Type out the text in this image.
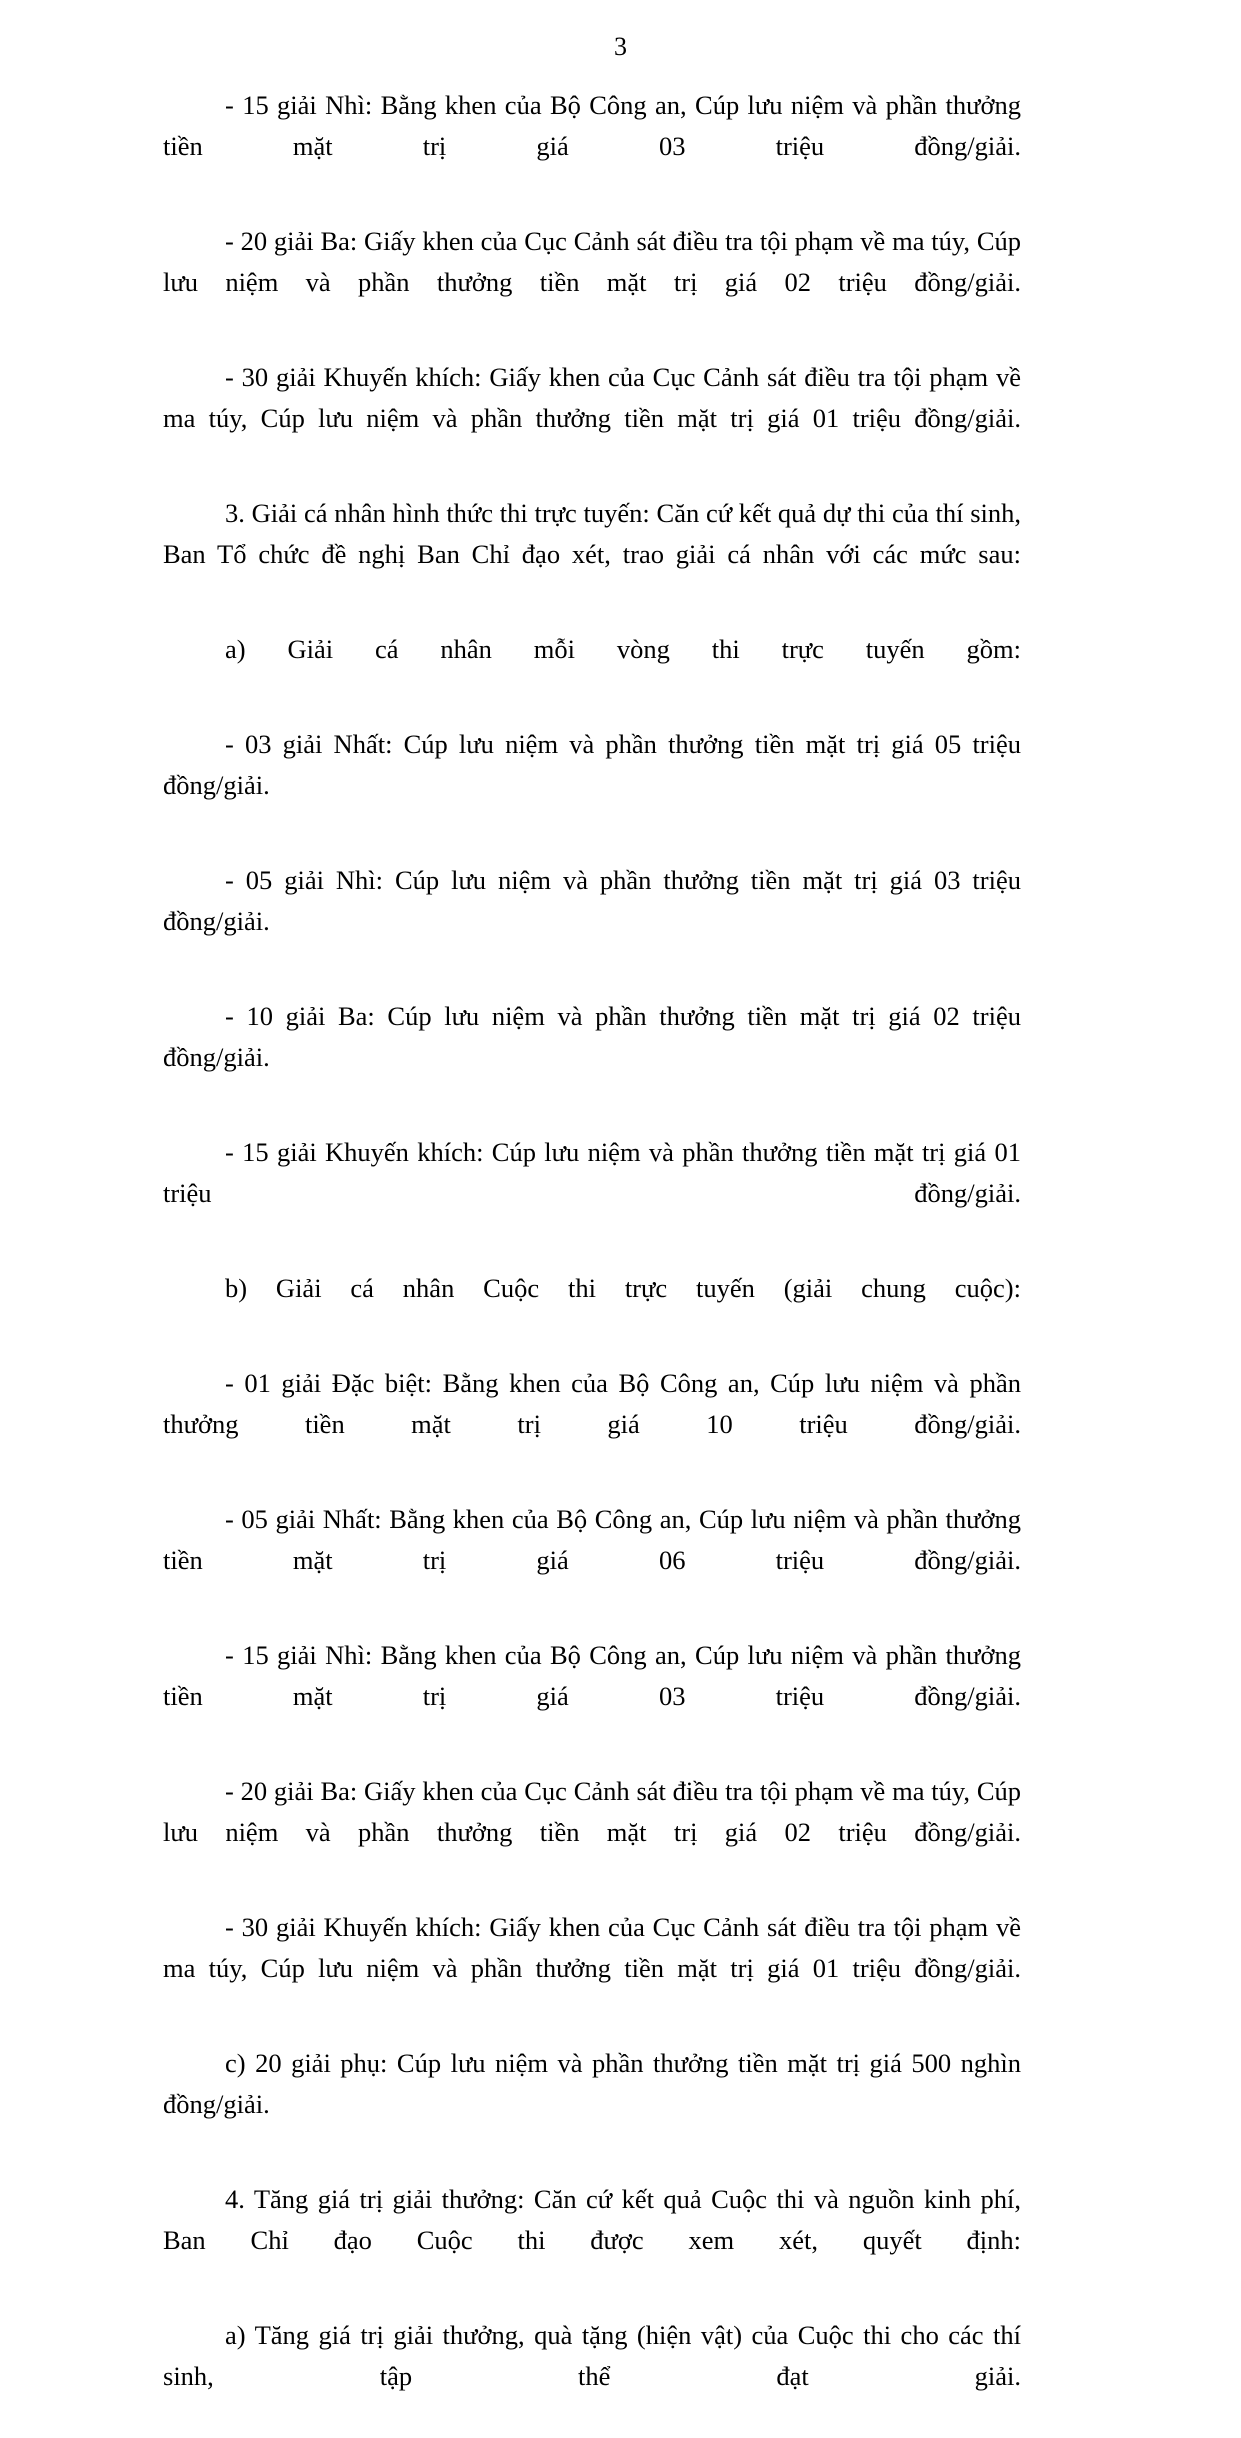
3

- 15 giải Nhì: Bằng khen của Bộ Công an, Cúp lưu niệm và phần thưởng tiền mặt trị giá 03 triệu đồng/giải.

- 20 giải Ba: Giấy khen của Cục Cảnh sát điều tra tội phạm về ma túy, Cúp lưu niệm và phần thưởng tiền mặt trị giá 02 triệu đồng/giải.

- 30 giải Khuyến khích: Giấy khen của Cục Cảnh sát điều tra tội phạm về ma túy, Cúp lưu niệm và phần thưởng tiền mặt trị giá 01 triệu đồng/giải.

3. Giải cá nhân hình thức thi trực tuyến: Căn cứ kết quả dự thi của thí sinh, Ban Tổ chức đề nghị Ban Chỉ đạo xét, trao giải cá nhân với các mức sau:

a) Giải cá nhân mỗi vòng thi trực tuyến gồm:

- 03 giải Nhất: Cúp lưu niệm và phần thưởng tiền mặt trị giá 05 triệu đồng/giải.

- 05 giải Nhì: Cúp lưu niệm và phần thưởng tiền mặt trị giá 03 triệu đồng/giải.

- 10 giải Ba: Cúp lưu niệm và phần thưởng tiền mặt trị giá 02 triệu đồng/giải.

- 15 giải Khuyến khích: Cúp lưu niệm và phần thưởng tiền mặt trị giá 01 triệu đồng/giải.

b) Giải cá nhân Cuộc thi trực tuyến (giải chung cuộc):

- 01 giải Đặc biệt: Bằng khen của Bộ Công an, Cúp lưu niệm và phần thưởng tiền mặt trị giá 10 triệu đồng/giải.

- 05 giải Nhất: Bằng khen của Bộ Công an, Cúp lưu niệm và phần thưởng tiền mặt trị giá 06 triệu đồng/giải.

- 15 giải Nhì: Bằng khen của Bộ Công an, Cúp lưu niệm và phần thưởng tiền mặt trị giá 03 triệu đồng/giải.

- 20 giải Ba: Giấy khen của Cục Cảnh sát điều tra tội phạm về ma túy, Cúp lưu niệm và phần thưởng tiền mặt trị giá 02 triệu đồng/giải.

- 30 giải Khuyến khích: Giấy khen của Cục Cảnh sát điều tra tội phạm về ma túy, Cúp lưu niệm và phần thưởng tiền mặt trị giá 01 triệu đồng/giải.

c) 20 giải phụ: Cúp lưu niệm và phần thưởng tiền mặt trị giá 500 nghìn đồng/giải.

4. Tăng giá trị giải thưởng: Căn cứ kết quả Cuộc thi và nguồn kinh phí, Ban Chỉ đạo Cuộc thi được xem xét, quyết định:

a) Tăng giá trị giải thưởng, quà tặng (hiện vật) của Cuộc thi cho các thí sinh, tập thể đạt giải.
